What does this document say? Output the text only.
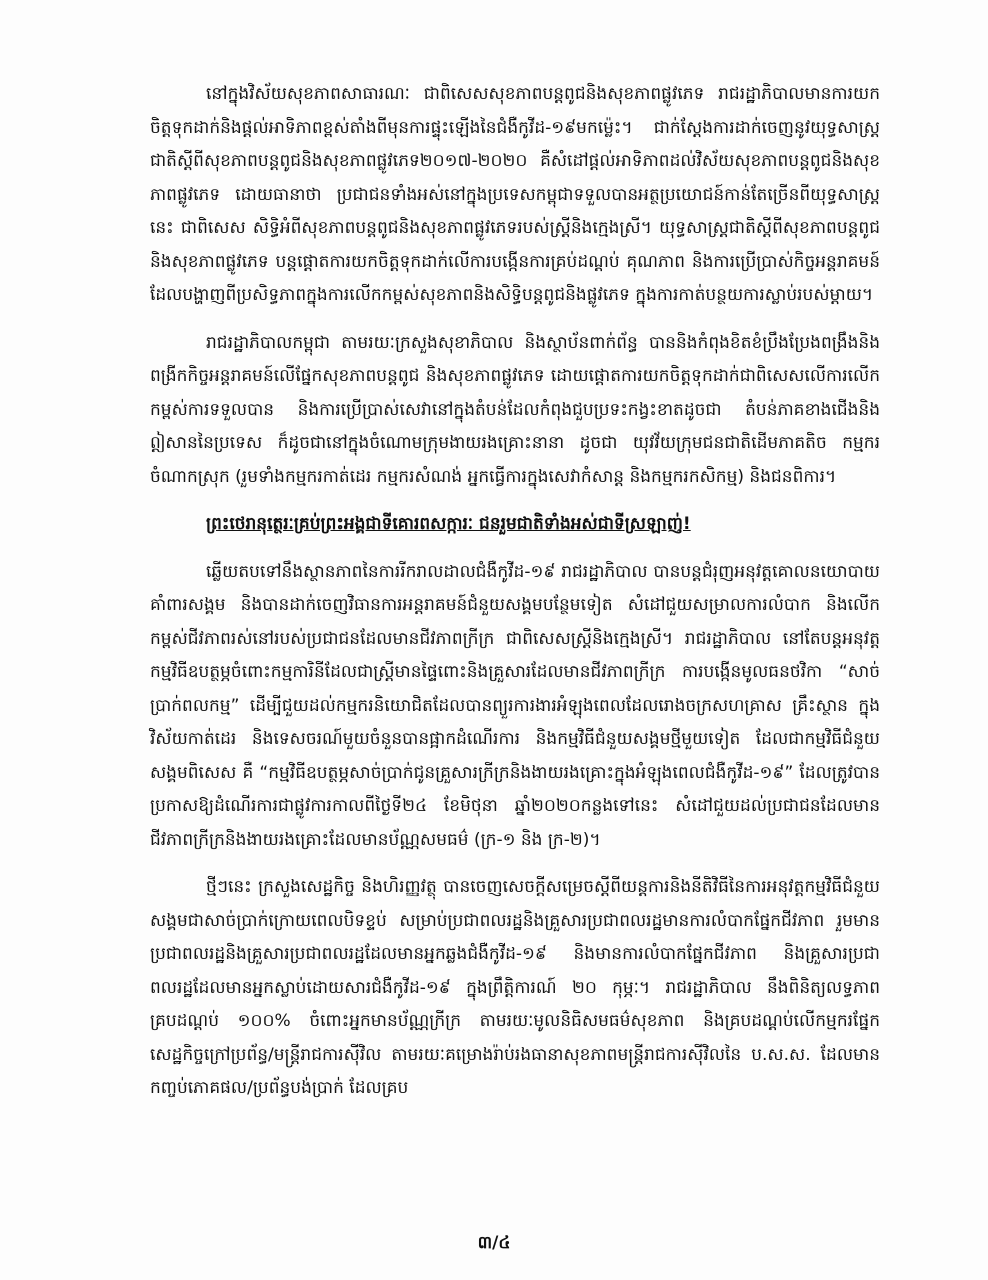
នៅក្នុងវិស័យសុខភាពសាធារណៈ ជាពិសេសសុខភាពបន្តពូជនិងសុខភាពផ្លូវភេទ រាជរដ្ឋាភិបាលមានការយកចិត្តទុកដាក់និងផ្តល់អាទិភាពខ្ពស់តាំងពីមុនការផ្ទុះឡើងនៃជំងឺកូវីដ-១៩មកម្ល៉េះ។ ជាក់ស្តែងការដាក់ចេញនូវយុទ្ធសាស្ត្រជាតិស្តីពីសុខភាពបន្តពូជនិងសុខភាពផ្លូវភេទ២០១៧-២០២០ គឺសំដៅផ្តល់អាទិភាពដល់វិស័យសុខភាពបន្តពូជនិងសុខភាពផ្លូវភេទ ដោយធានាថា ប្រជាជនទាំងអស់នៅក្នុងប្រទេសកម្ពុជាទទួលបានអត្ថប្រយោជន៍កាន់តែច្រើនពីយុទ្ធសាស្ត្រនេះ ជាពិសេស សិទ្ធិអំពីសុខភាពបន្តពូជនិងសុខភាពផ្លូវភេទរបស់ស្ត្រីនិងក្មេងស្រី។ យុទ្ធសាស្ត្រជាតិស្តីពីសុខភាពបន្តពូជនិងសុខភាពផ្លូវភេទ បន្តផ្តោតការយកចិត្តទុកដាក់លើការបង្កើនការគ្រប់ដណ្តប់ គុណភាព និងការប្រើប្រាស់កិច្ចអន្តរាគមន៍ ដែលបង្ហាញពីប្រសិទ្ធភាពក្នុងការលើកកម្ពស់សុខភាពនិងសិទ្ធិបន្តពូជនិងផ្លូវភេទ ក្នុងការកាត់បន្ថយការស្លាប់របស់ម្តាយ។

រាជរដ្ឋាភិបាលកម្ពុជា តាមរយៈក្រសួងសុខាភិបាល និងស្ថាប័នពាក់ព័ន្ធ បាននិងកំពុងខិតខំប្រឹងប្រែងពង្រឹងនិងពង្រីកកិច្ចអន្តរាគមន៍លើផ្នែកសុខភាពបន្តពូជ និងសុខភាពផ្លូវភេទ ដោយផ្តោតការយកចិត្តទុកដាក់ជាពិសេសលើការលើកកម្ពស់ការទទួលបាន និងការប្រើប្រាស់សេវានៅក្នុងតំបន់ដែលកំពុងជួបប្រទះកង្វះខាតដូចជា តំបន់ភាគខាងជើងនិងឦសាននៃប្រទេស ក៏ដូចជានៅក្នុងចំណោមក្រុមងាយរងគ្រោះនានា ដូចជា យុវវ័យក្រុមជនជាតិដើមភាគតិច កម្មករចំណាកស្រុក (រួមទាំងកម្មករកាត់ដេរ កម្មករសំណង់ អ្នកធ្វើការក្នុងសេវាកំសាន្ត និងកម្មករកសិកម្ម) និងជនពិការ។

ព្រះថេរានុត្ថេរៈគ្រប់ព្រះអង្គជាទីគោរពសក្ការៈ ជនរួមជាតិទាំងអស់ជាទីស្រឡាញ់!

ឆ្លើយតបទៅនឹងស្ថានភាពនៃការរីករាលដាលជំងឺកូវីដ-១៩ រាជរដ្ឋាភិបាល បានបន្តជំរុញអនុវត្តគោលនយោបាយគាំពារសង្គម និងបានដាក់ចេញវិធានការអន្តរាគមន៍ជំនួយសង្គមបន្ថែមទៀត សំដៅជួយសម្រាលការលំបាក និងលើកកម្ពស់ជីវភាពរស់នៅរបស់ប្រជាជនដែលមានជីវភាពក្រីក្រ ជាពិសេសស្ត្រីនិងក្មេងស្រី។ រាជរដ្ឋាភិបាល នៅតែបន្តអនុវត្តកម្មវិធីឧបត្ថម្ភចំពោះកម្មការិនីដែលជាស្ត្រីមានផ្ទៃពោះនិងគ្រួសារដែលមានជីវភាពក្រីក្រ ការបង្កើនមូលធនថវិកា “សាច់ប្រាក់ពលកម្ម” ដើម្បីជួយដល់កម្មករនិយោជិតដែលបានព្យួរការងារអំឡុងពេលដែលរោងចក្រសហគ្រាស គ្រឹះស្ថាន ក្នុងវិស័យកាត់ដេរ និងទេសចរណ៍មួយចំនួនបានផ្អាកដំណើរការ និងកម្មវិធីជំនួយសង្គមថ្មីមួយទៀត ដែលជាកម្មវិធីជំនួយសង្គមពិសេស គឺ “កម្មវិធីឧបត្ថម្ភសាច់ប្រាក់ជូនគ្រួសារក្រីក្រនិងងាយរងគ្រោះក្នុងអំឡុងពេលជំងឺកូវីដ-១៩” ដែលត្រូវបានប្រកាសឱ្យដំណើរការជាផ្លូវការកាលពីថ្ងៃទី២៤ ខែមិថុនា ឆ្នាំ២០២០កន្លងទៅនេះ សំដៅជួយដល់ប្រជាជនដែលមានជីវភាពក្រីក្រនិងងាយរងគ្រោះដែលមានប័ណ្ណសមធម៌ (ក្រ-១ និង ក្រ-២)។

ថ្មីៗនេះ ក្រសួងសេដ្ឋកិច្ច និងហិរញ្ញវត្ថុ បានចេញសេចក្តីសម្រេចស្តីពីយន្តការនិងនីតិវិធីនៃការអនុវត្តកម្មវិធីជំនួយសង្គមជាសាច់ប្រាក់ក្រោយពេលបិទខ្ទប់ សម្រាប់ប្រជាពលរដ្ឋនិងគ្រួសារប្រជាពលរដ្ឋមានការលំបាកផ្នែកជីវភាព រួមមាន ប្រជាពលរដ្ឋនិងគ្រួសារប្រជាពលរដ្ឋដែលមានអ្នកឆ្លងជំងឺកូវីដ-១៩ និងមានការលំបាកផ្នែកជីវភាព និងគ្រួសារប្រជាពលរដ្ឋដែលមានអ្នកស្លាប់ដោយសារជំងឺកូវីដ-១៩ ក្នុងព្រឹត្តិការណ៍ ២០ កុម្ភៈ។ រាជរដ្ឋាភិបាល នឹងពិនិត្យលទ្ធភាពគ្របដណ្តប់ ១០០% ចំពោះអ្នកមានប័ណ្ណក្រីក្រ តាមរយៈមូលនិធិសមធម៌សុខភាព និងគ្របដណ្តប់លើកម្មករផ្នែកសេដ្ឋកិច្ចក្រៅប្រព័ន្ធ/មន្ត្រីរាជការស៊ីវិល តាមរយៈគម្រោងរ៉ាប់រងធានាសុខភាពមន្ត្រីរាជការស៊ីវិលនៃ ប.ស.ស. ដែលមានកញ្ចប់ភោគផល/ប្រព័ន្ធបង់ប្រាក់ ដែលគ្រប

៣/៤
